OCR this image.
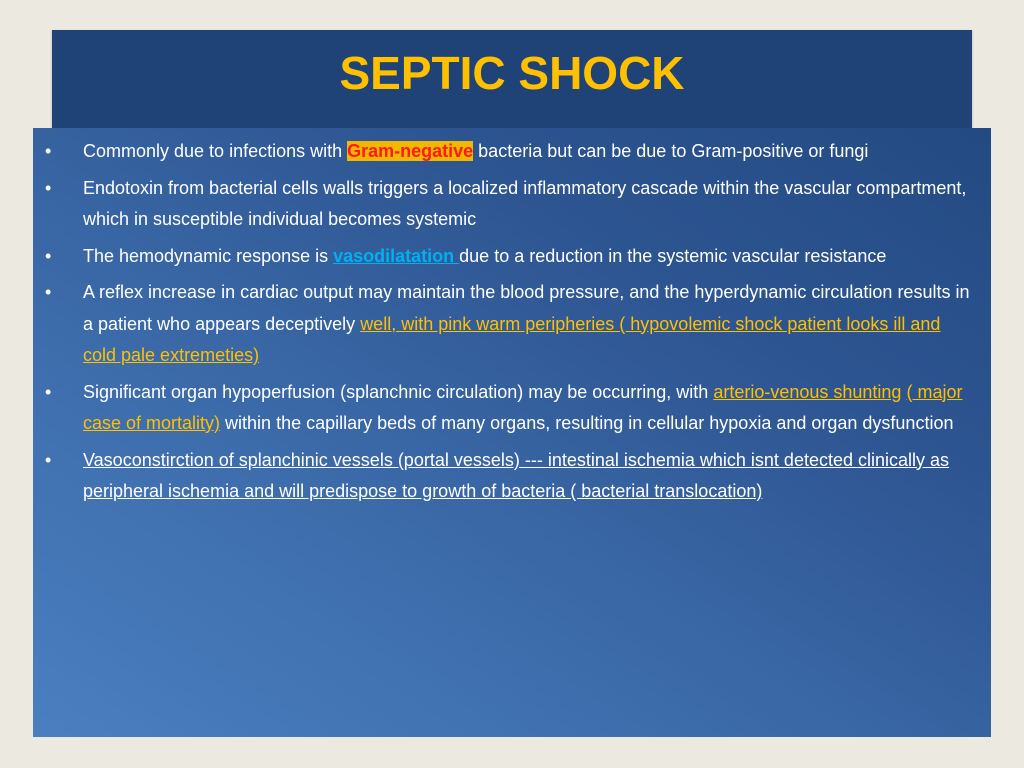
SEPTIC SHOCK
• Commonly due to infections with Gram-negative bacteria but can be due to Gram-positive or fungi
• Endotoxin from bacterial cells walls triggers a localized inflammatory cascade within the vascular compartment, which in susceptible individual becomes systemic
• The hemodynamic response is vasodilatation due to a reduction in the systemic vascular resistance
• A reflex increase in cardiac output may maintain the blood pressure, and the hyperdynamic circulation results in a patient who appears deceptively well, with pink warm peripheries ( hypovolemic shock patient looks ill and cold pale extremeties)
• Significant organ hypoperfusion (splanchnic circulation) may be occurring, with arterio-venous shunting ( major case of mortality) within the capillary beds of many organs, resulting in cellular hypoxia and organ dysfunction
• Vasoconstirction of splanchinic vessels (portal vessels) --- intestinal ischemia which isnt detected clinically as peripheral ischemia and will predispose to growth of bacteria ( bacterial translocation)
